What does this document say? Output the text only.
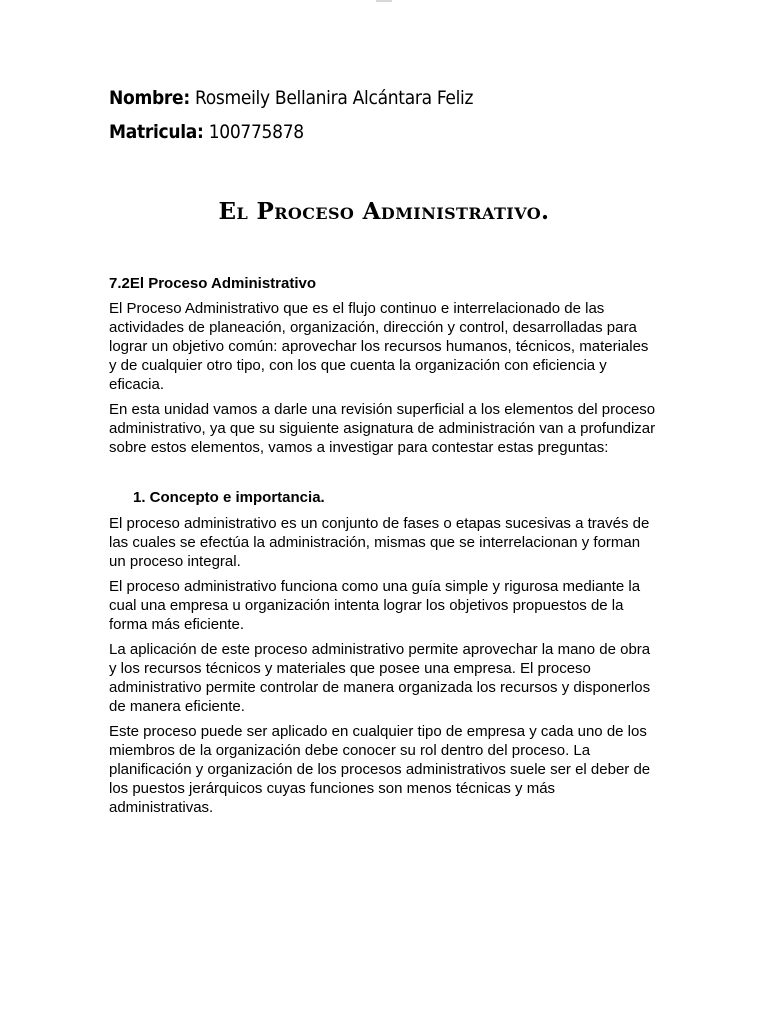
Nombre: Rosmeily Bellanira Alcántara Feliz
Matricula: 100775878
El Proceso Administrativo.
7.2El Proceso Administrativo

El Proceso Administrativo que es el flujo continuo e interrelacionado de las actividades de planeación, organización, dirección y control, desarrolladas para lograr un objetivo común: aprovechar los recursos humanos, técnicos, materiales y de cualquier otro tipo, con los que cuenta la organización con eficiencia y eficacia.

En esta unidad vamos a darle una revisión superficial a los elementos del proceso administrativo, ya que su siguiente asignatura de administración van a profundizar sobre estos elementos, vamos a investigar para contestar estas preguntas:

1. Concepto e importancia.

El proceso administrativo es un conjunto de fases o etapas sucesivas a través de las cuales se efectúa la administración, mismas que se interrelacionan y forman un proceso integral.

El proceso administrativo funciona como una guía simple y rigurosa mediante la cual una empresa u organización intenta lograr los objetivos propuestos de la forma más eficiente.

La aplicación de este proceso administrativo permite aprovechar la mano de obra y los recursos técnicos y materiales que posee una empresa. El proceso administrativo permite controlar de manera organizada los recursos y disponerlos de manera eficiente.

Este proceso puede ser aplicado en cualquier tipo de empresa y cada uno de los miembros de la organización debe conocer su rol dentro del proceso. La planificación y organización de los procesos administrativos suele ser el deber de los puestos jerárquicos cuyas funciones son menos técnicas y más administrativas.
